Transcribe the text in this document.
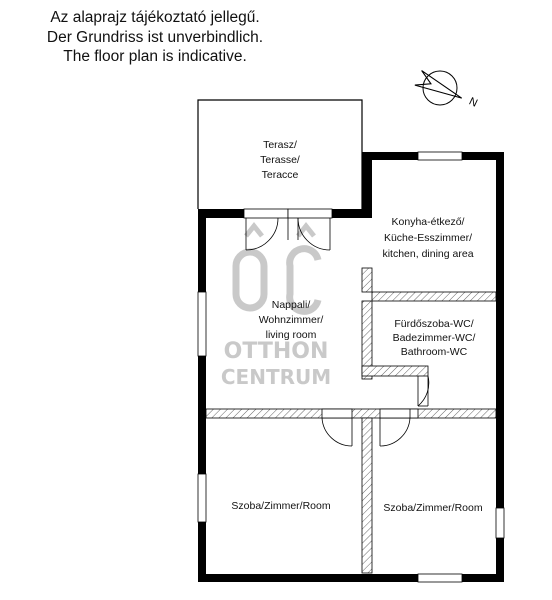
Az alaprajz tájékoztató jellegű.
Der Grundriss ist unverbindlich.
The floor plan is indicative.
OTTHON
CENTRUM
N
Terasz/
Terasse/
Teracce
Konyha-étkező/
Küche-Esszimmer/
kitchen, dining area
Nappali/
Wohnzimmer/
living room
Fürdőszoba-WC/
Badezimmer-WC/
Bathroom-WC
Szoba/Zimmer/Room	Szoba/Zimmer/Room
